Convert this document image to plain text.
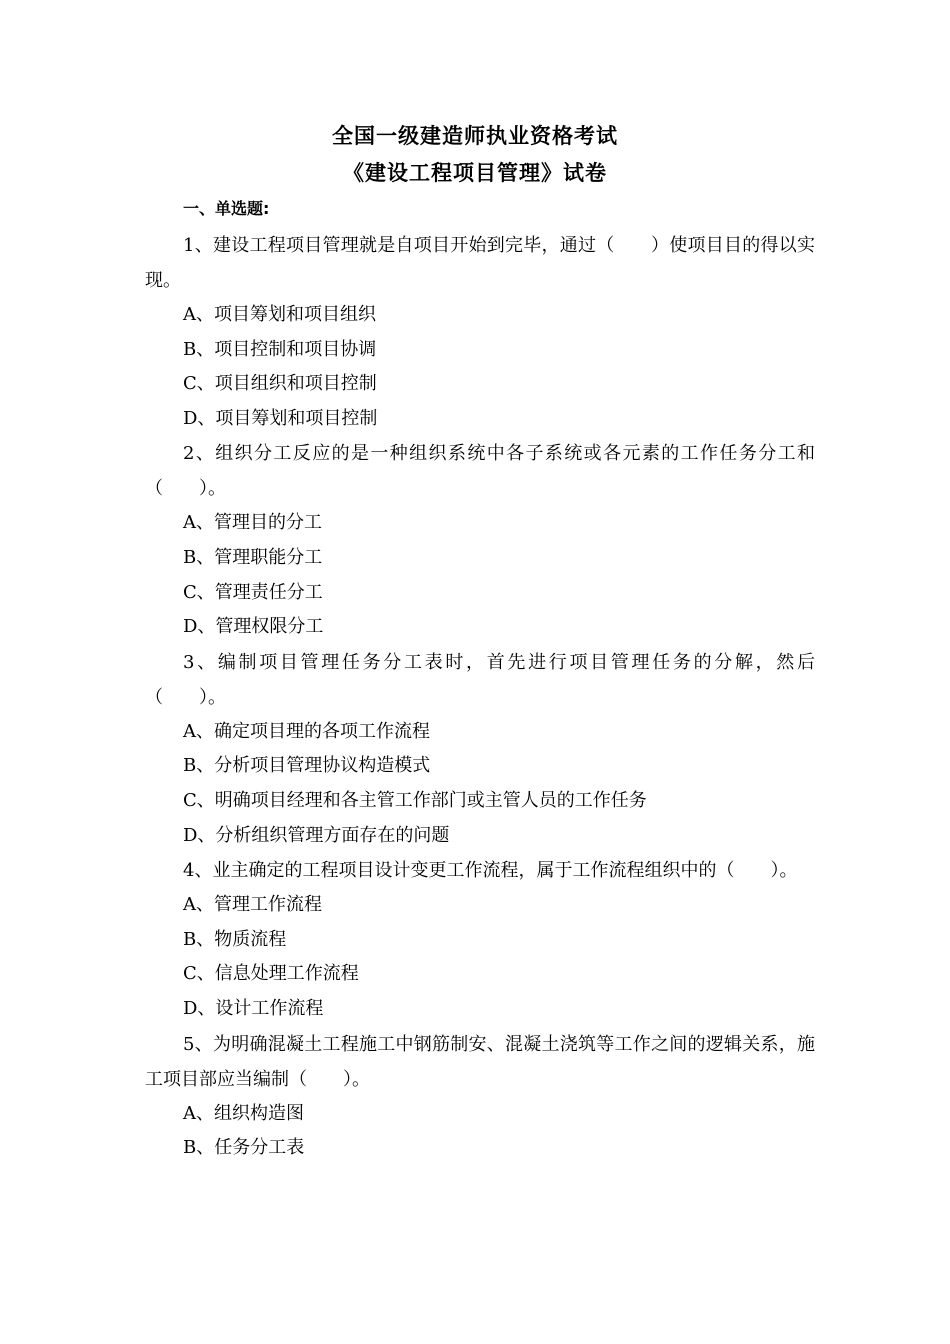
全国一级建造师执业资格考试
《建设工程项目管理》试卷
一、单选题:
1、建设工程项目管理就是自项目开始到完毕，通过（　　）使项目目的得以实现。
A、项目筹划和项目组织
B、项目控制和项目协调
C、项目组织和项目控制
D、项目筹划和项目控制
2、组织分工反应的是一种组织系统中各子系统或各元素的工作任务分工和（　　）。
A、管理目的分工
B、管理职能分工
C、管理责任分工
D、管理权限分工
3、编制项目管理任务分工表时，首先进行项目管理任务的分解，然后（　　）。
A、确定项目理的各项工作流程
B、分析项目管理协议构造模式
C、明确项目经理和各主管工作部门或主管人员的工作任务
D、分析组织管理方面存在的问题
4、业主确定的工程项目设计变更工作流程，属于工作流程组织中的（　　）。
A、管理工作流程
B、物质流程
C、信息处理工作流程
D、设计工作流程
5、为明确混凝土工程施工中钢筋制安、混凝土浇筑等工作之间的逻辑关系，施工项目部应当编制（　　）。
A、组织构造图
B、任务分工表
